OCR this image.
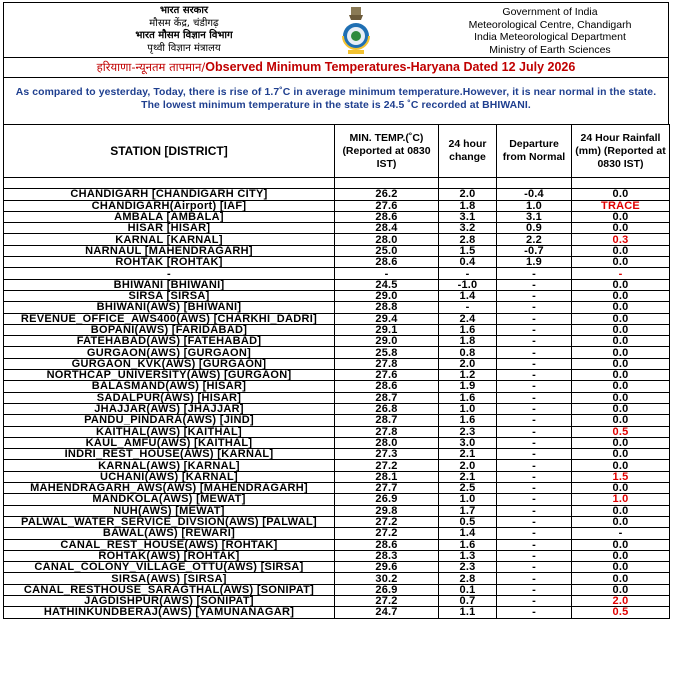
भारत सरकार
मौसम केंद्र, चंडीगढ़
भारत मौसम विज्ञान विभाग
पृथ्वी विज्ञान मंत्रालय
Government of India
Meteorological Centre, Chandigarh
India Meteorological Department
Ministry of Earth Sciences
हरियाणा-न्यूनतम तापमान/Observed Minimum Temperatures-Haryana Dated 12 July 2026
As compared to yesterday, Today, there is rise of 1.7˚C in average minimum temperature.However, it is near normal in the state. The lowest minimum temperature in the state is 24.5 ˚C recorded at BHIWANI.
STATION [DISTRICT]	MIN. TEMP.(˚C) (Reported at 0830 IST)	24 hour change	Departure from Normal	24 Hour Rainfall (mm) (Reported at 0830 IST)

CHANDIGARH [CHANDIGARH CITY]	26.2	2.0	-0.4	0.0
CHANDIGARH(Airport) [IAF]	27.6	1.8	1.0	TRACE
AMBALA [AMBALA]	28.6	3.1	3.1	0.0
HISAR [HISAR]	28.4	3.2	0.9	0.0
KARNAL [KARNAL]	28.0	2.8	2.2	0.3
NARNAUL [MAHENDRAGARH]	25.0	1.5	-0.7	0.0
ROHTAK [ROHTAK]	28.6	0.4	1.9	0.0
-	-	-	-	-
BHIWANI [BHIWANI]	24.5	-1.0	-	0.0
SIRSA [SIRSA]	29.0	1.4	-	0.0
BHIWANI(AWS) [BHIWANI]	28.8	-	-	0.0
REVENUE_OFFICE_AWS400(AWS) [CHARKHI_DADRI]	29.4	2.4	-	0.0
BOPANI(AWS) [FARIDABAD]	29.1	1.6	-	0.0
FATEHABAD(AWS) [FATEHABAD]	29.0	1.8	-	0.0
GURGAON(AWS) [GURGAON]	25.8	0.8	-	0.0
GURGAON_KVK(AWS) [GURGAON]	27.8	2.0	-	0.0
NORTHCAP_UNIVERSITY(AWS) [GURGAON]	27.6	1.2	-	0.0
BALASMAND(AWS) [HISAR]	28.6	1.9	-	0.0
SADALPUR(AWS) [HISAR]	28.7	1.6	-	0.0
JHAJJAR(AWS) [JHAJJAR]	26.8	1.0	-	0.0
PANDU_PINDARA(AWS) [JIND]	28.7	1.6	-	0.0
KAITHAL(AWS) [KAITHAL]	27.8	2.3	-	0.5
KAUL_AMFU(AWS) [KAITHAL]	28.0	3.0	-	0.0
INDRI_REST_HOUSE(AWS) [KARNAL]	27.3	2.1	-	0.0
KARNAL(AWS) [KARNAL]	27.2	2.0	-	0.0
UCHANI(AWS) [KARNAL]	28.1	2.1	-	1.5
MAHENDRAGARH_AWS(AWS) [MAHENDRAGARH]	27.7	2.5	-	0.0
MANDKOLA(AWS) [MEWAT]	26.9	1.0	-	1.0
NUH(AWS) [MEWAT]	29.8	1.7	-	0.0
PALWAL_WATER_SERVICE_DIVSION(AWS) [PALWAL]	27.2	0.5	-	0.0
BAWAL(AWS) [REWARI]	27.2	1.4	-	-
CANAL_REST_HOUSE(AWS) [ROHTAK]	28.6	1.6	-	0.0
ROHTAK(AWS) [ROHTAK]	28.3	1.3	-	0.0
CANAL_COLONY_VILLAGE_OTTU(AWS) [SIRSA]	29.6	2.3	-	0.0
SIRSA(AWS) [SIRSA]	30.2	2.8	-	0.0
CANAL_RESTHOUSE_SARAGTHAL(AWS) [SONIPAT]	26.9	0.1	-	0.0
JAGDISHPUR(AWS) [SONIPAT]	27.2	0.7	-	2.0
HATHINKUNDBERAJ(AWS) [YAMUNANAGAR]	24.7	1.1	-	0.5
